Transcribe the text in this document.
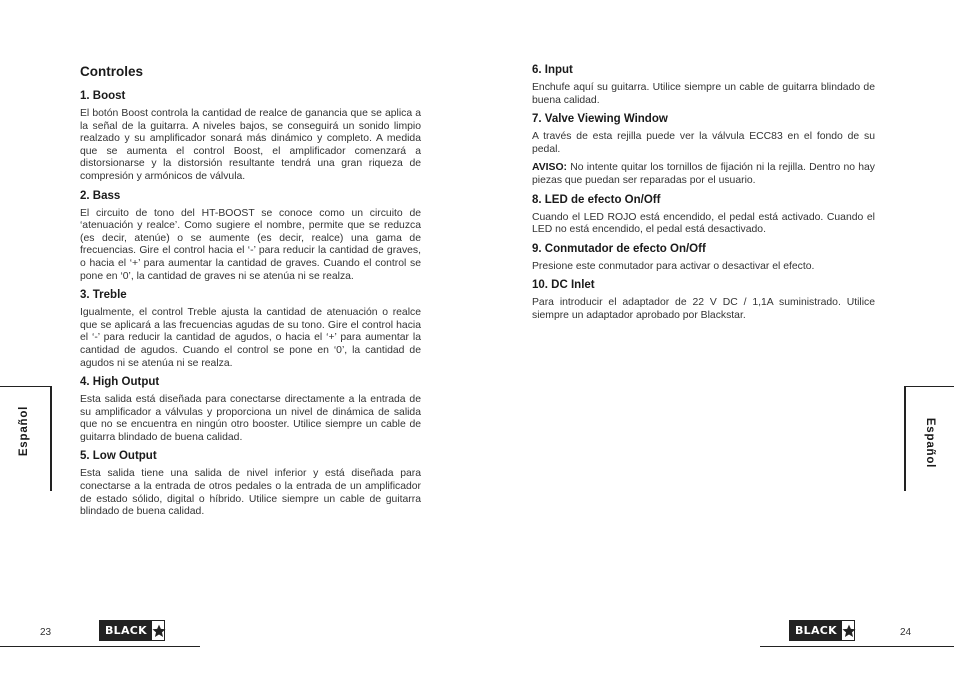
Controles
1. Boost

El botón Boost controla la cantidad de realce de ganancia que se aplica a la señal de la guitarra. A niveles bajos, se conseguirá un sonido limpio realzado y su amplificador sonará más dinámico y completo. A medida que se aumenta el control Boost, el amplificador comenzará a distorsionarse y la distorsión resultante tendrá una gran riqueza de compresión y armónicos de válvula.

2. Bass

El circuito de tono del HT-BOOST se conoce como un circuito de ‘atenuación y realce’. Como sugiere el nombre, permite que se reduzca (es decir, atenúe) o se aumente (es decir, realce) una gama de frecuencias. Gire el control hacia el ‘-’ para reducir la cantidad de graves, o hacia el ‘+’ para aumentar la cantidad de graves. Cuando el control se pone en ‘0’, la cantidad de graves ni se atenúa ni se realza.

3. Treble

Igualmente, el control Treble ajusta la cantidad de atenuación o realce que se aplicará a las frecuencias agudas de su tono. Gire el control hacia el ‘-’ para reducir la cantidad de agudos, o hacia el ‘+’ para aumentar la cantidad de agudos. Cuando el control se pone en ‘0’, la cantidad de agudos ni se atenúa ni se realza.

4. High Output

Esta salida está diseñada para conectarse directamente a la entrada de su amplificador a válvulas y proporciona un nivel de dinámica de salida que no se encuentra en ningún otro booster. Utilice siempre un cable de guitarra blindado de buena calidad.

5. Low Output

Esta salida tiene una salida de nivel inferior y está diseñada para conectarse a la entrada de otros pedales o la entrada de un amplificador de estado sólido, digital o híbrido. Utilice siempre un cable de guitarra blindado de buena calidad.

6. Input

Enchufe aquí su guitarra. Utilice siempre un cable de guitarra blindado de buena calidad.

7. Valve Viewing Window

A través de esta rejilla puede ver la válvula ECC83 en el fondo de su pedal.

AVISO: No intente quitar los tornillos de fijación ni la rejilla. Dentro no hay piezas que puedan ser reparadas por el usuario.

8. LED de efecto On/Off

Cuando el LED ROJO está encendido, el pedal está activado. Cuando el LED no está encendido, el pedal está desactivado.

9. Conmutador de efecto On/Off

Presione este conmutador para activar o desactivar el efecto.

10. DC Inlet

Para introducir el adaptador de 22 V DC / 1,1A suministrado. Utilice siempre un adaptador aprobado por Blackstar.

Español	Español
23	24
BLACK	BLACK
